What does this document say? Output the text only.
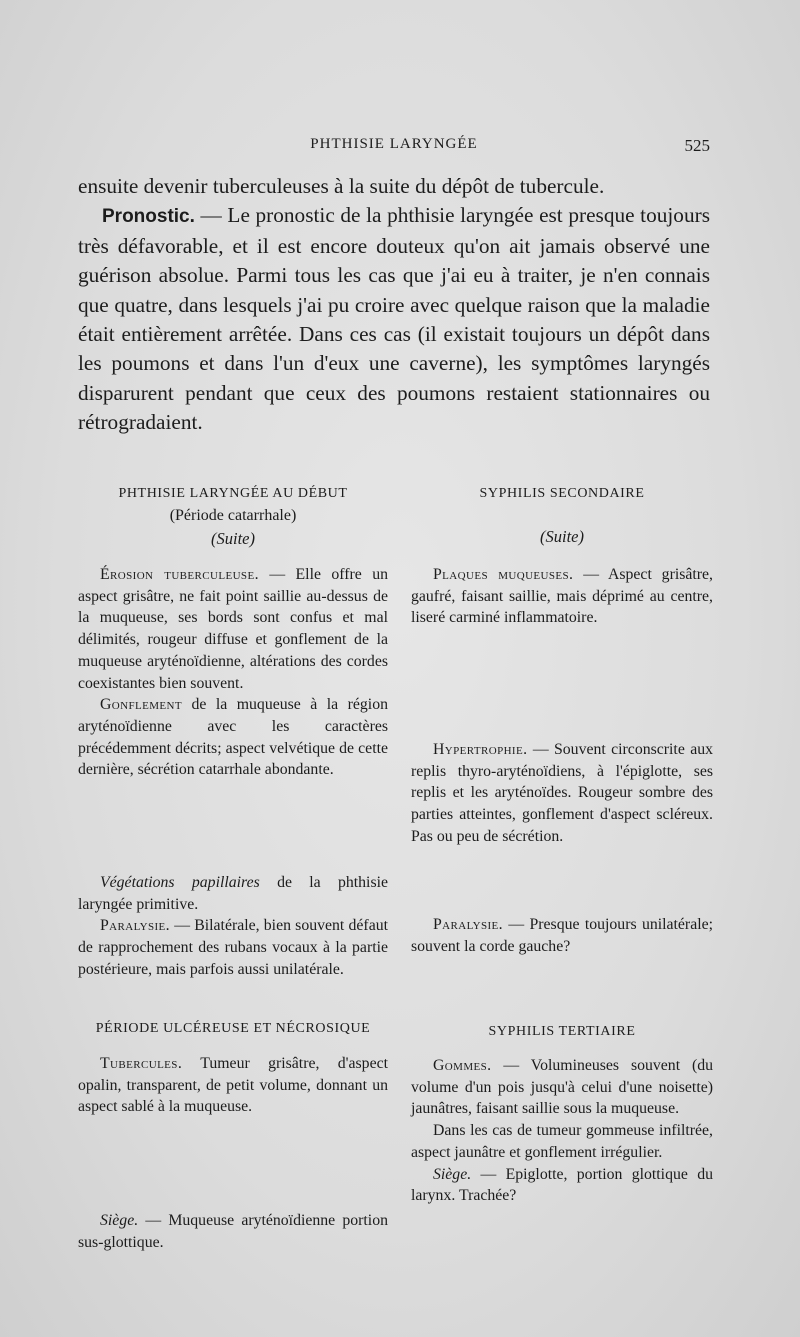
PHTHISIE LARYNGÉE	525

ensuite devenir tuberculeuses à la suite du dépôt de tubercule.

Pronostic. — Le pronostic de la phthisie laryngée est presque toujours très défavorable, et il est encore douteux qu'on ait jamais observé une guérison absolue. Parmi tous les cas que j'ai eu à traiter, je n'en connais que quatre, dans lesquels j'ai pu croire avec quelque raison que la maladie était entièrement arrêtée. Dans ces cas (il existait toujours un dépôt dans les poumons et dans l'un d'eux une caverne), les symptômes laryngés disparurent pendant que ceux des poumons restaient stationnaires ou rétrogradaient.

PHTHISIE LARYNGÉE AU DÉBUT

(Période catarrhale)

(Suite)

Érosion tuberculeuse. — Elle offre un aspect grisâtre, ne fait point saillie au-dessus de la muqueuse, ses bords sont confus et mal délimités, rougeur diffuse et gonflement de la muqueuse aryténoïdienne, altérations des cordes coexistantes bien souvent.

Gonflement de la muqueuse à la région aryténoïdienne avec les caractères précédemment décrits; aspect velvétique de cette dernière, sécrétion catarrhale abondante.

Végétations papillaires de la phthisie laryngée primitive.

Paralysie. — Bilatérale, bien souvent défaut de rapprochement des rubans vocaux à la partie postérieure, mais parfois aussi unilatérale.

PÉRIODE ULCÉREUSE ET NÉCROSIQUE

Tubercules. Tumeur grisâtre, d'aspect opalin, transparent, de petit volume, donnant un aspect sablé à la muqueuse.

Siège. — Muqueuse aryténoïdienne portion sus-glottique.

SYPHILIS SECONDAIRE

(Suite)

Plaques muqueuses. — Aspect grisâtre, gaufré, faisant saillie, mais déprimé au centre, liseré carminé inflammatoire.

Hypertrophie. — Souvent circonscrite aux replis thyro-aryténoïdiens, à l'épiglotte, ses replis et les aryténoïdes. Rougeur sombre des parties atteintes, gonflement d'aspect scléreux. Pas ou peu de sécrétion.

Paralysie. — Presque toujours unilatérale; souvent la corde gauche?

SYPHILIS TERTIAIRE

Gommes. — Volumineuses souvent (du volume d'un pois jusqu'à celui d'une noisette) jaunâtres, faisant saillie sous la muqueuse.

Dans les cas de tumeur gommeuse infiltrée, aspect jaunâtre et gonflement irrégulier.

Siège. — Epiglotte, portion glottique du larynx. Trachée?
